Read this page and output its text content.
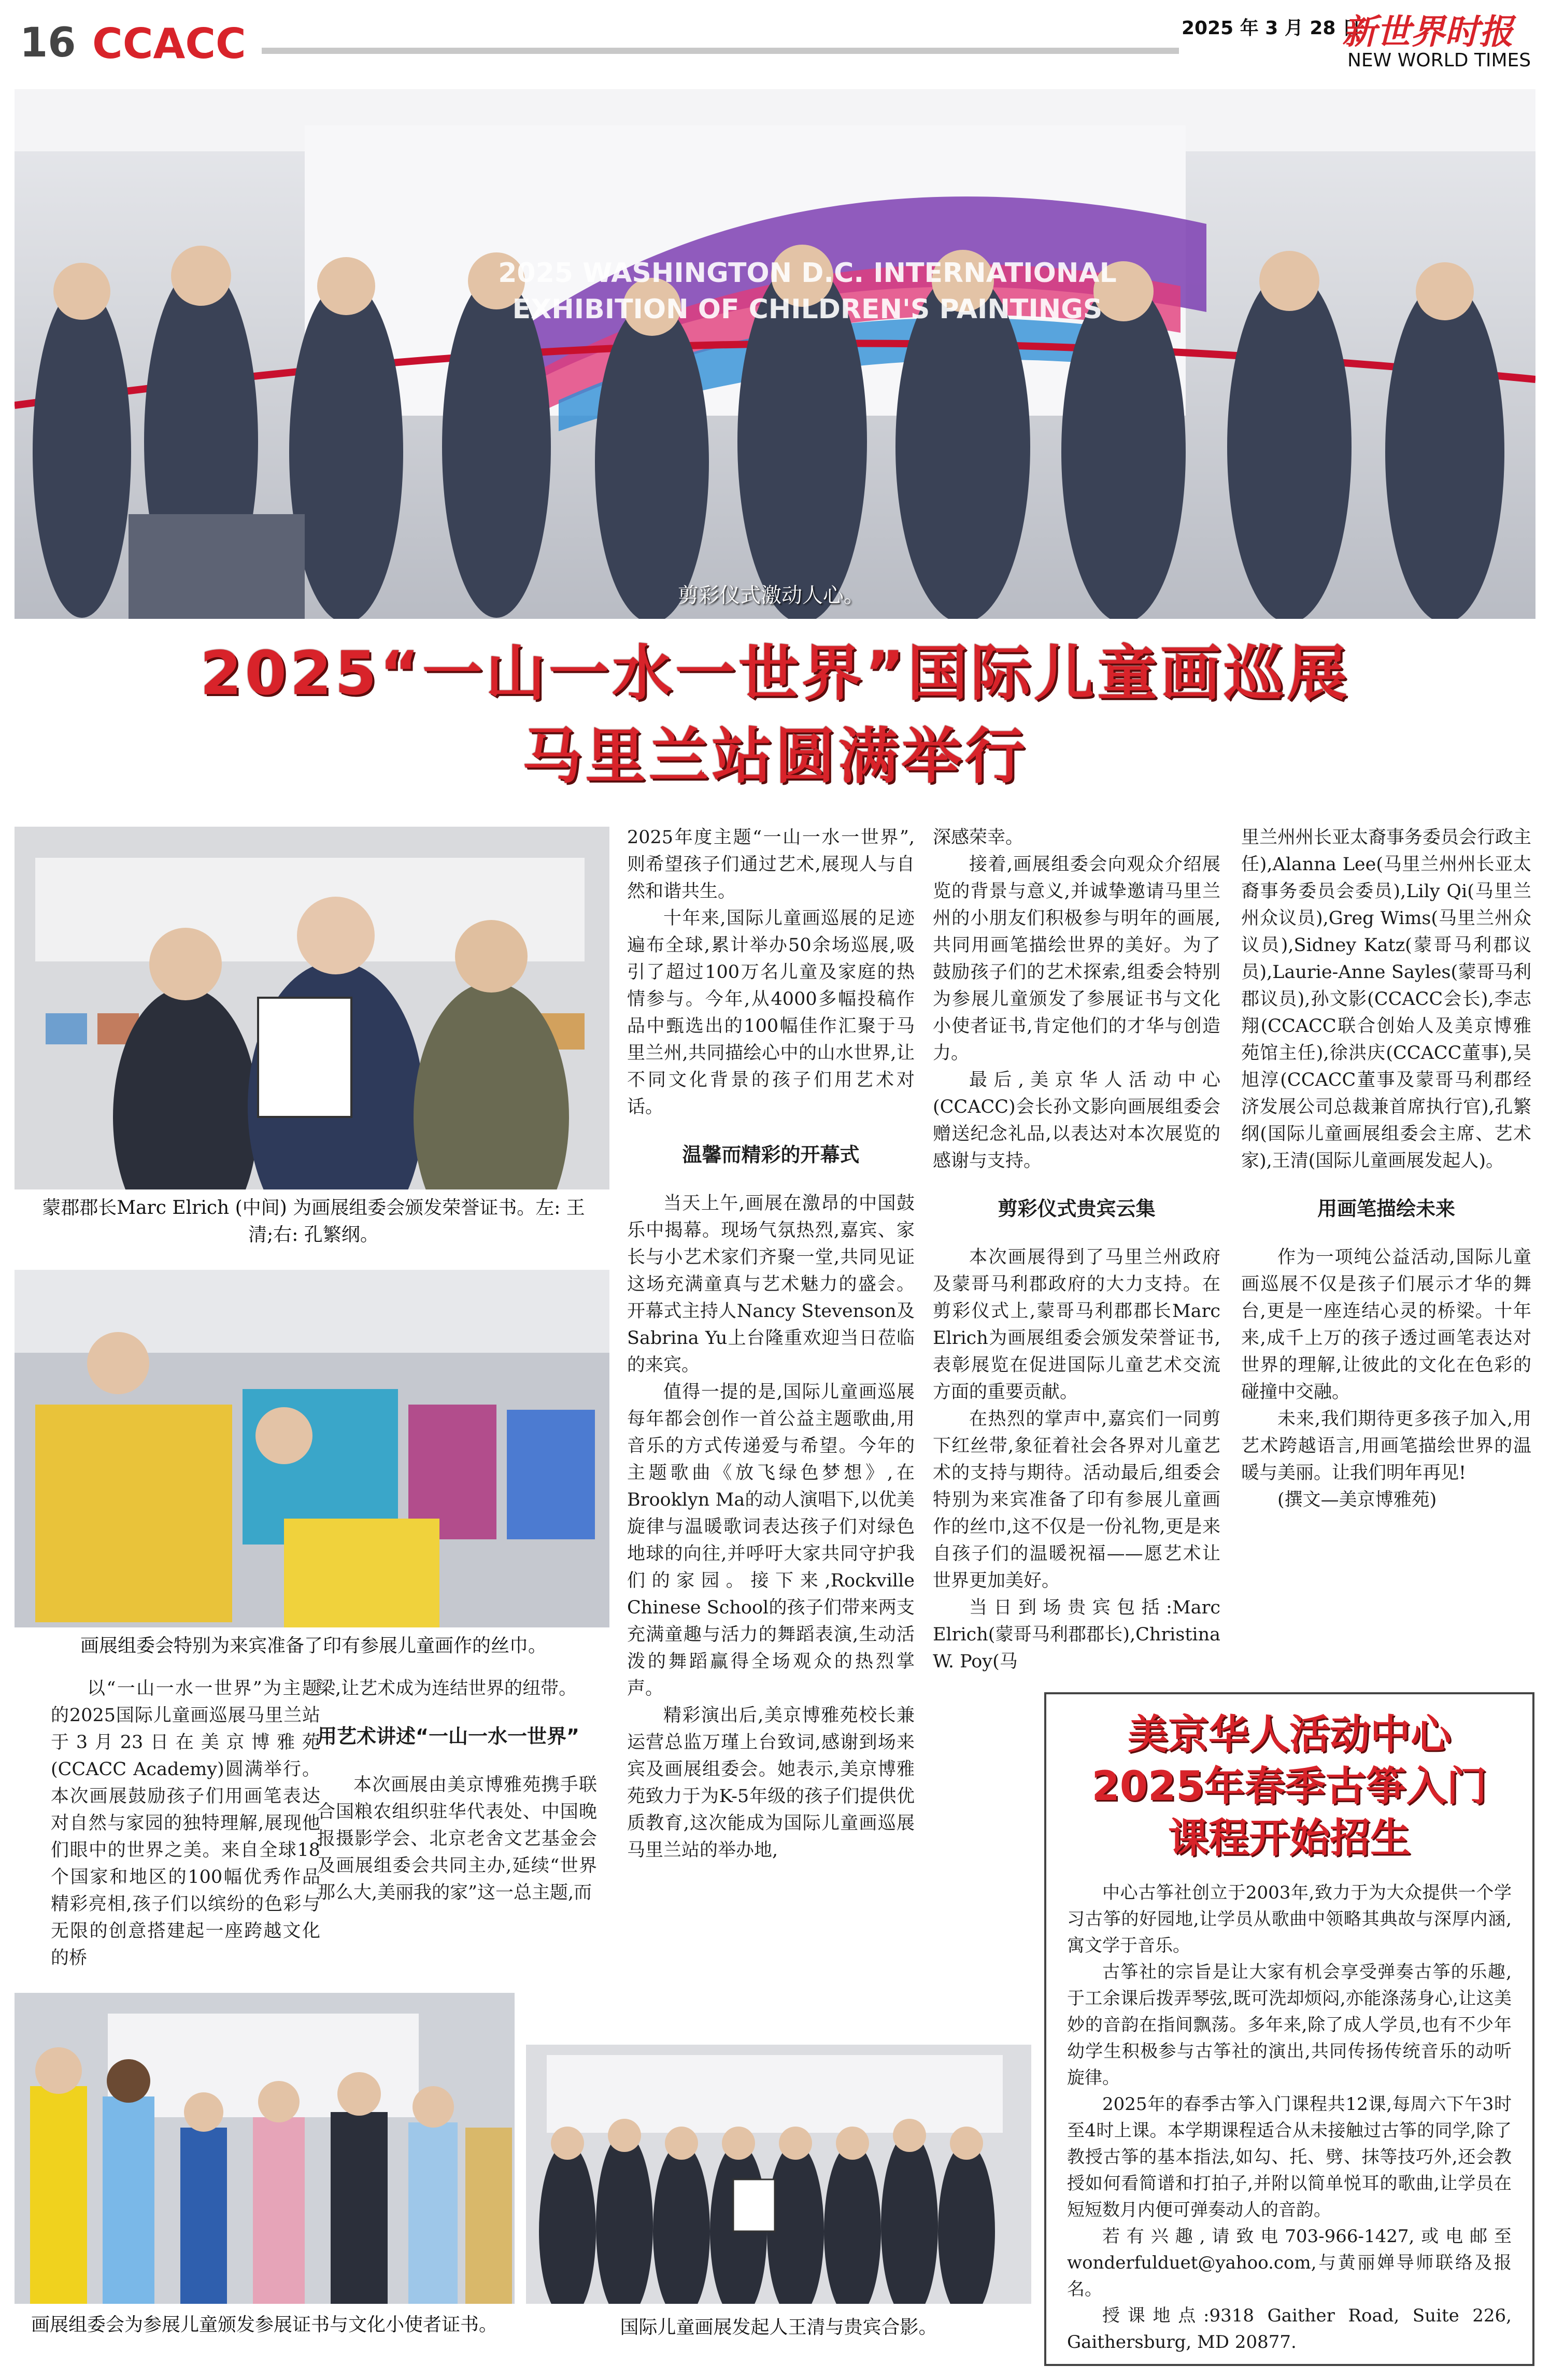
16 CCACC	2025 年 3 月 28 日
新世界时报
NEW WORLD TIMES
2025 WASHINGTON D.C. INTERNATIONAL EXHIBITION OF CHILDREN'S PAINTINGS
剪彩仪式激动人心。
2025“一山一水一世界”国际儿童画巡展
马里兰站圆满举行
蒙郡郡长Marc Elrich (中间) 为画展组委会颁发荣誉证书。左: 王清;右: 孔繁纲。
画展组委会特别为来宾准备了印有参展儿童画作的丝巾。

以“一山一水一世界”为主题的2025国际儿童画巡展马里兰站于3月23日在美京博雅苑(CCACC Academy)圆满举行。本次画展鼓励孩子们用画笔表达对自然与家园的独特理解,展现他们眼中的世界之美。来自全球18个国家和地区的100幅优秀作品精彩亮相,孩子们以缤纷的色彩与无限的创意搭建起一座跨越文化的桥

梁,让艺术成为连结世界的纽带。

用艺术讲述“一山一水一世界”

本次画展由美京博雅苑携手联合国粮农组织驻华代表处、中国晚报摄影学会、北京老舍文艺基金会及画展组委会共同主办,延续“世界那么大,美丽我的家”这一总主题,而

2025年度主题“一山一水一世界”,则希望孩子们通过艺术,展现人与自然和谐共生。

十年来,国际儿童画巡展的足迹遍布全球,累计举办50余场巡展,吸引了超过100万名儿童及家庭的热情参与。今年,从4000多幅投稿作品中甄选出的100幅佳作汇聚于马里兰州,共同描绘心中的山水世界,让不同文化背景的孩子们用艺术对话。

温馨而精彩的开幕式

当天上午,画展在激昂的中国鼓乐中揭幕。现场气氛热烈,嘉宾、家长与小艺术家们齐聚一堂,共同见证这场充满童真与艺术魅力的盛会。开幕式主持人Nancy Stevenson及Sabrina Yu上台隆重欢迎当日莅临的来宾。

值得一提的是,国际儿童画巡展每年都会创作一首公益主题歌曲,用音乐的方式传递爱与希望。今年的主题歌曲《放飞绿色梦想》,在Brooklyn Ma的动人演唱下,以优美旋律与温暖歌词表达孩子们对绿色地球的向往,并呼吁大家共同守护我们的家园。接下来,Rockville Chinese School的孩子们带来两支充满童趣与活力的舞蹈表演,生动活泼的舞蹈赢得全场观众的热烈掌声。

精彩演出后,美京博雅苑校长兼运营总监万瑾上台致词,感谢到场来宾及画展组委会。她表示,美京博雅苑致力于为K-5年级的孩子们提供优质教育,这次能成为国际儿童画巡展马里兰站的举办地,

深感荣幸。

接着,画展组委会向观众介绍展览的背景与意义,并诚挚邀请马里兰州的小朋友们积极参与明年的画展,共同用画笔描绘世界的美好。为了鼓励孩子们的艺术探索,组委会特别为参展儿童颁发了参展证书与文化小使者证书,肯定他们的才华与创造力。

最后,美京华人活动中心(CCACC)会长孙文影向画展组委会赠送纪念礼品,以表达对本次展览的感谢与支持。

剪彩仪式贵宾云集

本次画展得到了马里兰州政府及蒙哥马利郡政府的大力支持。在剪彩仪式上,蒙哥马利郡郡长Marc Elrich为画展组委会颁发荣誉证书,表彰展览在促进国际儿童艺术交流方面的重要贡献。

在热烈的掌声中,嘉宾们一同剪下红丝带,象征着社会各界对儿童艺术的支持与期待。活动最后,组委会特别为来宾准备了印有参展儿童画作的丝巾,这不仅是一份礼物,更是来自孩子们的温暖祝福——愿艺术让世界更加美好。

当日到场贵宾包括:Marc Elrich(蒙哥马利郡郡长),Christina W. Poy(马

里兰州州长亚太裔事务委员会行政主任),Alanna Lee(马里兰州州长亚太裔事务委员会委员),Lily Qi(马里兰州众议员),Greg Wims(马里兰州众议员),Sidney Katz(蒙哥马利郡议员),Laurie-Anne Sayles(蒙哥马利郡议员),孙文影(CCACC会长),李志翔(CCACC联合创始人及美京博雅苑馆主任),徐洪庆(CCACC董事),吴旭淳(CCACC董事及蒙哥马利郡经济发展公司总裁兼首席执行官),孔繁纲(国际儿童画展组委会主席、艺术家),王清(国际儿童画展发起人)。

用画笔描绘未来

作为一项纯公益活动,国际儿童画巡展不仅是孩子们展示才华的舞台,更是一座连结心灵的桥梁。十年来,成千上万的孩子透过画笔表达对世界的理解,让彼此的文化在色彩的碰撞中交融。

未来,我们期待更多孩子加入,用艺术跨越语言,用画笔描绘世界的温暖与美丽。让我们明年再见!

(撰文—美京博雅苑)

美京华人活动中心
2025年春季古筝入门
课程开始招生

中心古筝社创立于2003年,致力于为大众提供一个学习古筝的好园地,让学员从歌曲中领略其典故与深厚内涵,寓文学于音乐。

古筝社的宗旨是让大家有机会享受弹奏古筝的乐趣,于工余课后拨弄琴弦,既可洗却烦闷,亦能涤荡身心,让这美妙的音韵在指间飘荡。多年来,除了成人学员,也有不少年幼学生积极参与古筝社的演出,共同传扬传统音乐的动听旋律。

2025年的春季古筝入门课程共12课,每周六下午3时至4时上课。本学期课程适合从未接触过古筝的同学,除了教授古筝的基本指法,如勾、托、劈、抹等技巧外,还会教授如何看简谱和打拍子,并附以简单悦耳的歌曲,让学员在短短数月内便可弹奏动人的音韵。

若有兴趣,请致电703-966-1427,或电邮至wonderfulduet@yahoo.com,与黄丽婵导师联络及报名。

授课地点:9318 Gaither Road, Suite 226, Gaithersburg, MD 20877.

画展组委会为参展儿童颁发参展证书与文化小使者证书。	国际儿童画展发起人王清与贵宾合影。
